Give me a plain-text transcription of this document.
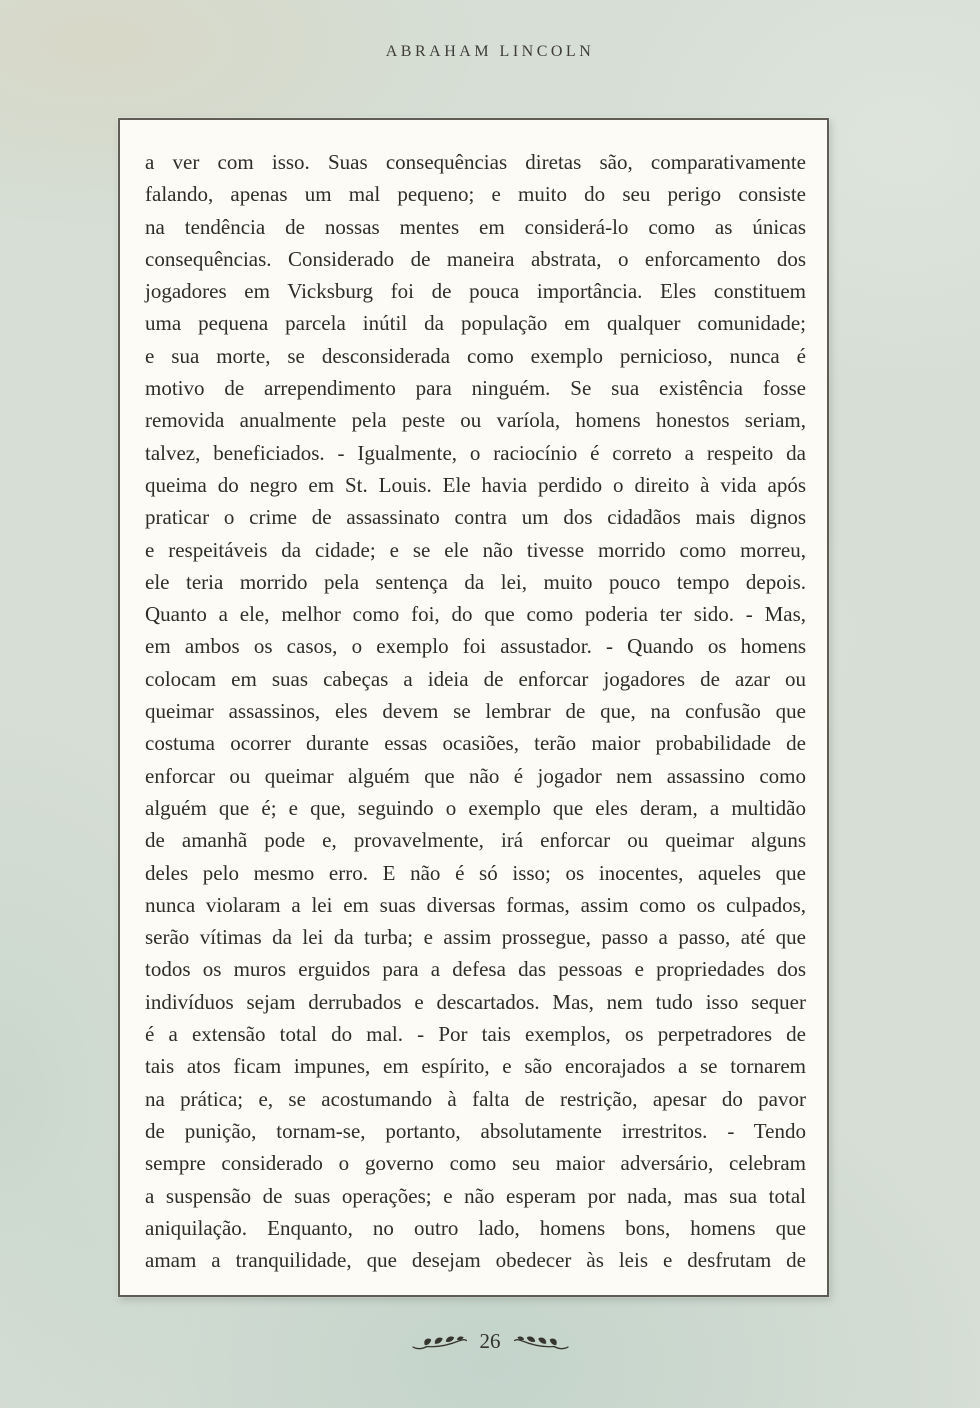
ABRAHAM LINCOLN
a ver com isso. Suas consequências diretas são, comparativamente
falando, apenas um mal pequeno; e muito do seu perigo consiste
na tendência de nossas mentes em considerá-lo como as únicas
consequências. Considerado de maneira abstrata, o enforcamento dos
jogadores em Vicksburg foi de pouca importância. Eles constituem
uma pequena parcela inútil da população em qualquer comunidade;
e sua morte, se desconsiderada como exemplo pernicioso, nunca é
motivo de arrependimento para ninguém. Se sua existência fosse
removida anualmente pela peste ou varíola, homens honestos seriam,
talvez, beneficiados. - Igualmente, o raciocínio é correto a respeito da
queima do negro em St. Louis. Ele havia perdido o direito à vida após
praticar o crime de assassinato contra um dos cidadãos mais dignos
e respeitáveis da cidade; e se ele não tivesse morrido como morreu,
ele teria morrido pela sentença da lei, muito pouco tempo depois.
Quanto a ele, melhor como foi, do que como poderia ter sido. - Mas,
em ambos os casos, o exemplo foi assustador. - Quando os homens
colocam em suas cabeças a ideia de enforcar jogadores de azar ou
queimar assassinos, eles devem se lembrar de que, na confusão que
costuma ocorrer durante essas ocasiões, terão maior probabilidade de
enforcar ou queimar alguém que não é jogador nem assassino como
alguém que é; e que, seguindo o exemplo que eles deram, a multidão
de amanhã pode e, provavelmente, irá enforcar ou queimar alguns
deles pelo mesmo erro. E não é só isso; os inocentes, aqueles que
nunca violaram a lei em suas diversas formas, assim como os culpados,
serão vítimas da lei da turba; e assim prossegue, passo a passo, até que
todos os muros erguidos para a defesa das pessoas e propriedades dos
indivíduos sejam derrubados e descartados. Mas, nem tudo isso sequer
é a extensão total do mal. - Por tais exemplos, os perpetradores de
tais atos ficam impunes, em espírito, e são encorajados a se tornarem
na prática; e, se acostumando à falta de restrição, apesar do pavor
de punição, tornam-se, portanto, absolutamente irrestritos. - Tendo
sempre considerado o governo como seu maior adversário, celebram
a suspensão de suas operações; e não esperam por nada, mas sua total
aniquilação. Enquanto, no outro lado, homens bons, homens que
amam a tranquilidade, que desejam obedecer às leis e desfrutam de
26
